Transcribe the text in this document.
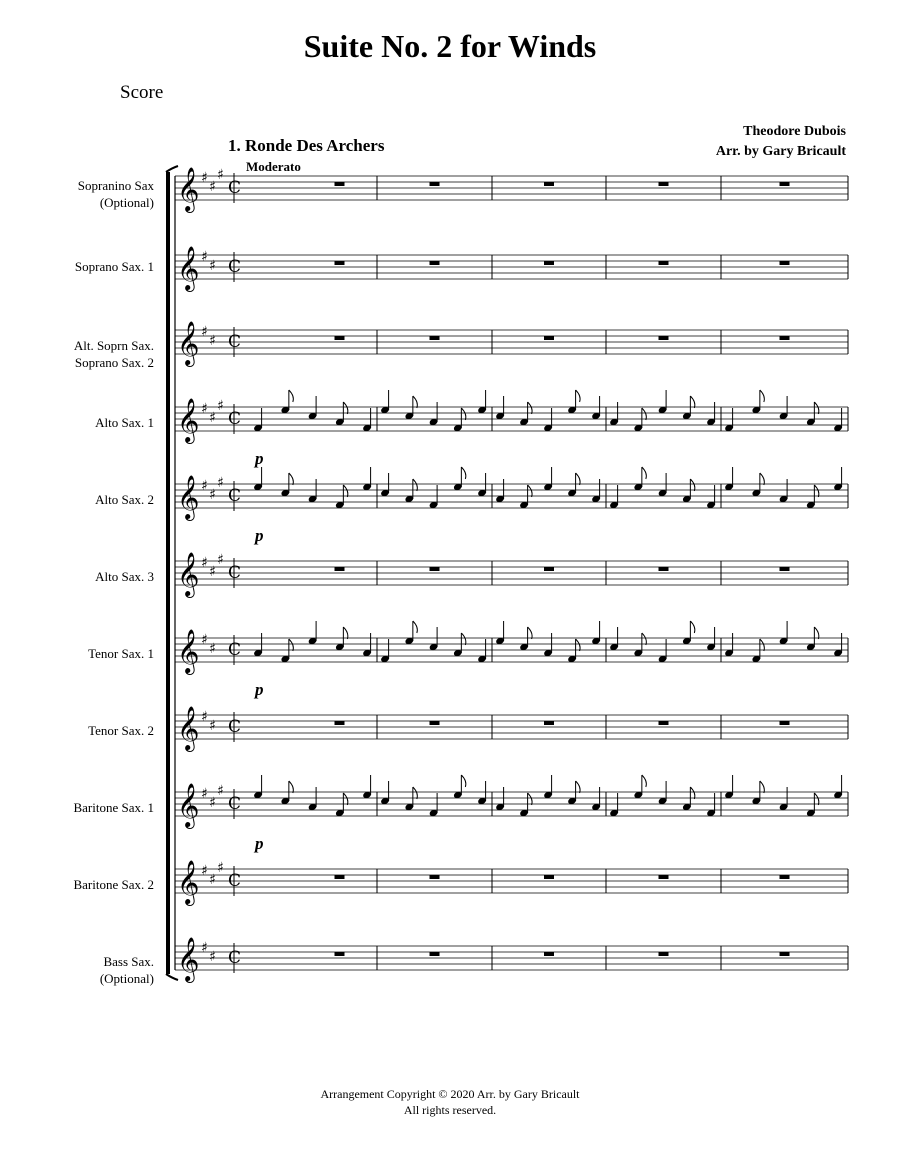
Suite No. 2 for Winds
Score
1. Ronde Des Archers
Moderato
Theodore Dubois
Arr. by Gary Bricault
Sopranino Sax
(Optional)
Soprano Sax. 1
Alt. Soprn Sax.
Soprano Sax. 2
Alto Sax. 1
Alto Sax. 2
Alto Sax. 3
Tenor Sax. 1
Tenor Sax. 2
Baritone Sax. 1
Baritone Sax. 2
Bass Sax.
(Optional)
p
p
p
p
𝄞 ♯
♯
♯
C
𝄞 ♯
♯ C
𝄞 ♯
♯ C
𝄞 ♯
♯
♯
C
𝄞 ♯
♯
♯
C
𝄞 ♯
♯
♯
C
𝄞 ♯
♯ C
𝄞 ♯
♯ C
𝄞 ♯
♯
♯
C
𝄞 ♯
♯
♯
C
𝄞 ♯
♯ C
Arrangement Copyright © 2020 Arr. by Gary Bricault
All rights reserved.
